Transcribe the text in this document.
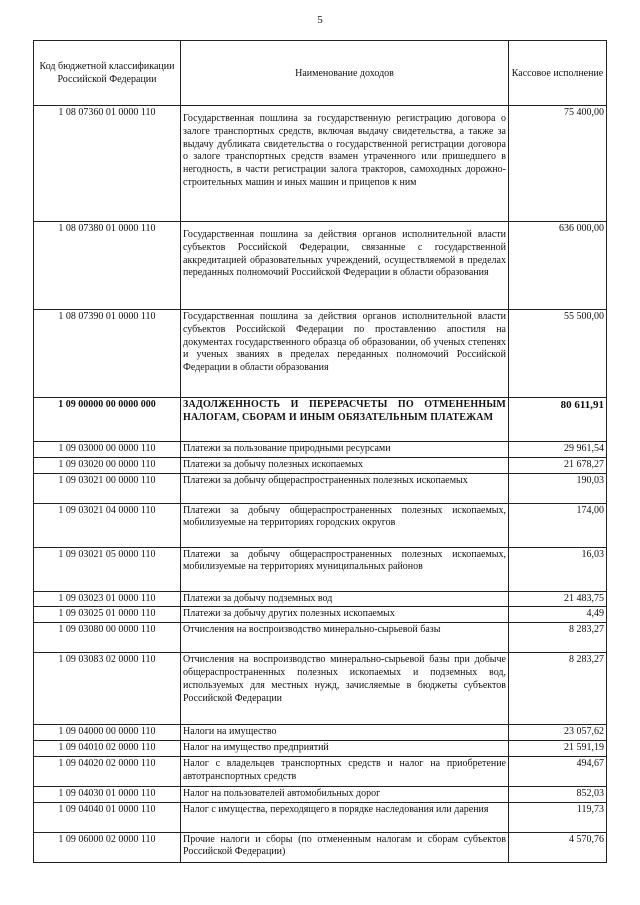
5
Код бюджетной классификации Российской Федерации	Наименование доходов	Кассовое исполнение
1 08 07360 01 0000 110	Государственная пошлина за государственную регистрацию договора о залоге транспортных средств, включая выдачу свидетельства, а также за выдачу дубликата свидетельства о государственной регистрации договора о залоге транспортных средств взамен утраченного или пришедшего в негодность, в части регистрации залога тракторов, самоходных дорожно-строительных машин и иных машин и прицепов к ним	75 400,00
1 08 07380 01 0000 110	Государственная пошлина за действия органов исполнительной власти субъектов Российской Федерации, связанные с государственной аккредитацией образовательных учреждений, осуществляемой в пределах переданных полномочий Российской Федерации в области образования	636 000,00
1 08 07390 01 0000 110	Государственная пошлина за действия органов исполнительной власти субъектов Российской Федерации по проставлению апостиля на документах государственного образца об образовании, об ученых степенях и ученых званиях в пределах переданных полномочий Российской Федерации в области образования	55 500,00
1 09 00000 00 0000 000	ЗАДОЛЖЕННОСТЬ И ПЕРЕРАСЧЕТЫ ПО ОТМЕНЕННЫМ НАЛОГАМ, СБОРАМ И ИНЫМ ОБЯЗАТЕЛЬНЫМ ПЛАТЕЖАМ	80 611,91
1 09 03000 00 0000 110	Платежи за пользование природными ресурсами	29 961,54
1 09 03020 00 0000 110	Платежи за добычу полезных ископаемых	21 678,27
1 09 03021 00 0000 110	Платежи за добычу общераспространенных полезных ископаемых	190,03
1 09 03021 04 0000 110	Платежи за добычу общераспространенных полезных ископаемых, мобилизуемые на территориях городских округов	174,00
1 09 03021 05 0000 110	Платежи за добычу общераспространенных полезных ископаемых, мобилизуемые на территориях муниципальных районов	16,03
1 09 03023 01 0000 110	Платежи за добычу подземных вод	21 483,75
1 09 03025 01 0000 110	Платежи за добычу других полезных ископаемых	4,49
1 09 03080 00 0000 110	Отчисления на воспроизводство минерально-сырьевой базы	8 283,27
1 09 03083 02 0000 110	Отчисления на воспроизводство минерально-сырьевой базы при добыче общераспространенных полезных ископаемых и подземных вод, используемых для местных нужд, зачисляемые в бюджеты субъектов Российской Федерации	8 283,27
1 09 04000 00 0000 110	Налоги на имущество	23 057,62
1 09 04010 02 0000 110	Налог на имущество предприятий	21 591,19
1 09 04020 02 0000 110	Налог с владельцев транспортных средств и налог на приобретение автотранспортных средств	494,67
1 09 04030 01 0000 110	Налог на пользователей автомобильных дорог	852,03
1 09 04040 01 0000 110	Налог с имущества, переходящего в порядке наследования или дарения	119,73
1 09 06000 02 0000 110	Прочие налоги и сборы (по отмененным налогам и сборам субъектов Российской Федерации)	4 570,76
